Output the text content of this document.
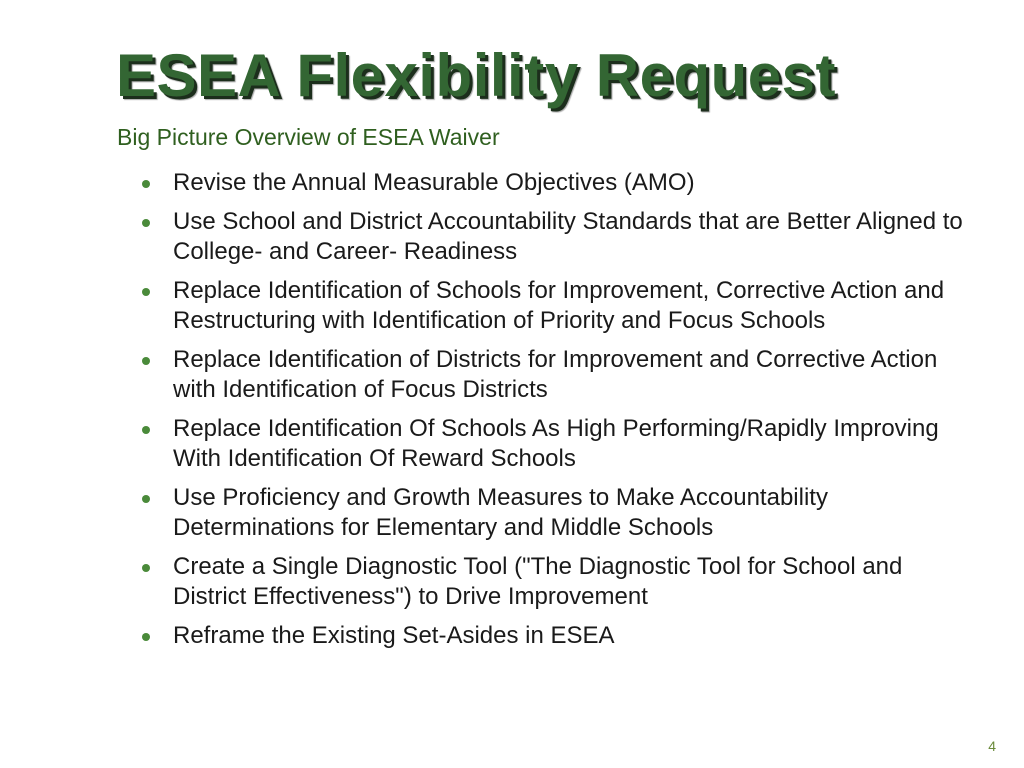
ESEA Flexibility Request
Big Picture Overview of ESEA Waiver
Revise the Annual Measurable Objectives (AMO)
Use School and District Accountability Standards that are Better Aligned to College- and Career- Readiness
Replace Identification of Schools for Improvement, Corrective Action and Restructuring with Identification of Priority and Focus Schools
Replace Identification of Districts for Improvement and Corrective Action with Identification of Focus Districts
Replace Identification Of Schools As High Performing/Rapidly Improving With Identification Of Reward Schools
Use Proficiency and Growth Measures to Make Accountability Determinations for Elementary and Middle Schools
Create a Single Diagnostic Tool ("The Diagnostic Tool for School and District Effectiveness") to Drive Improvement
Reframe the Existing Set-Asides in ESEA
4
